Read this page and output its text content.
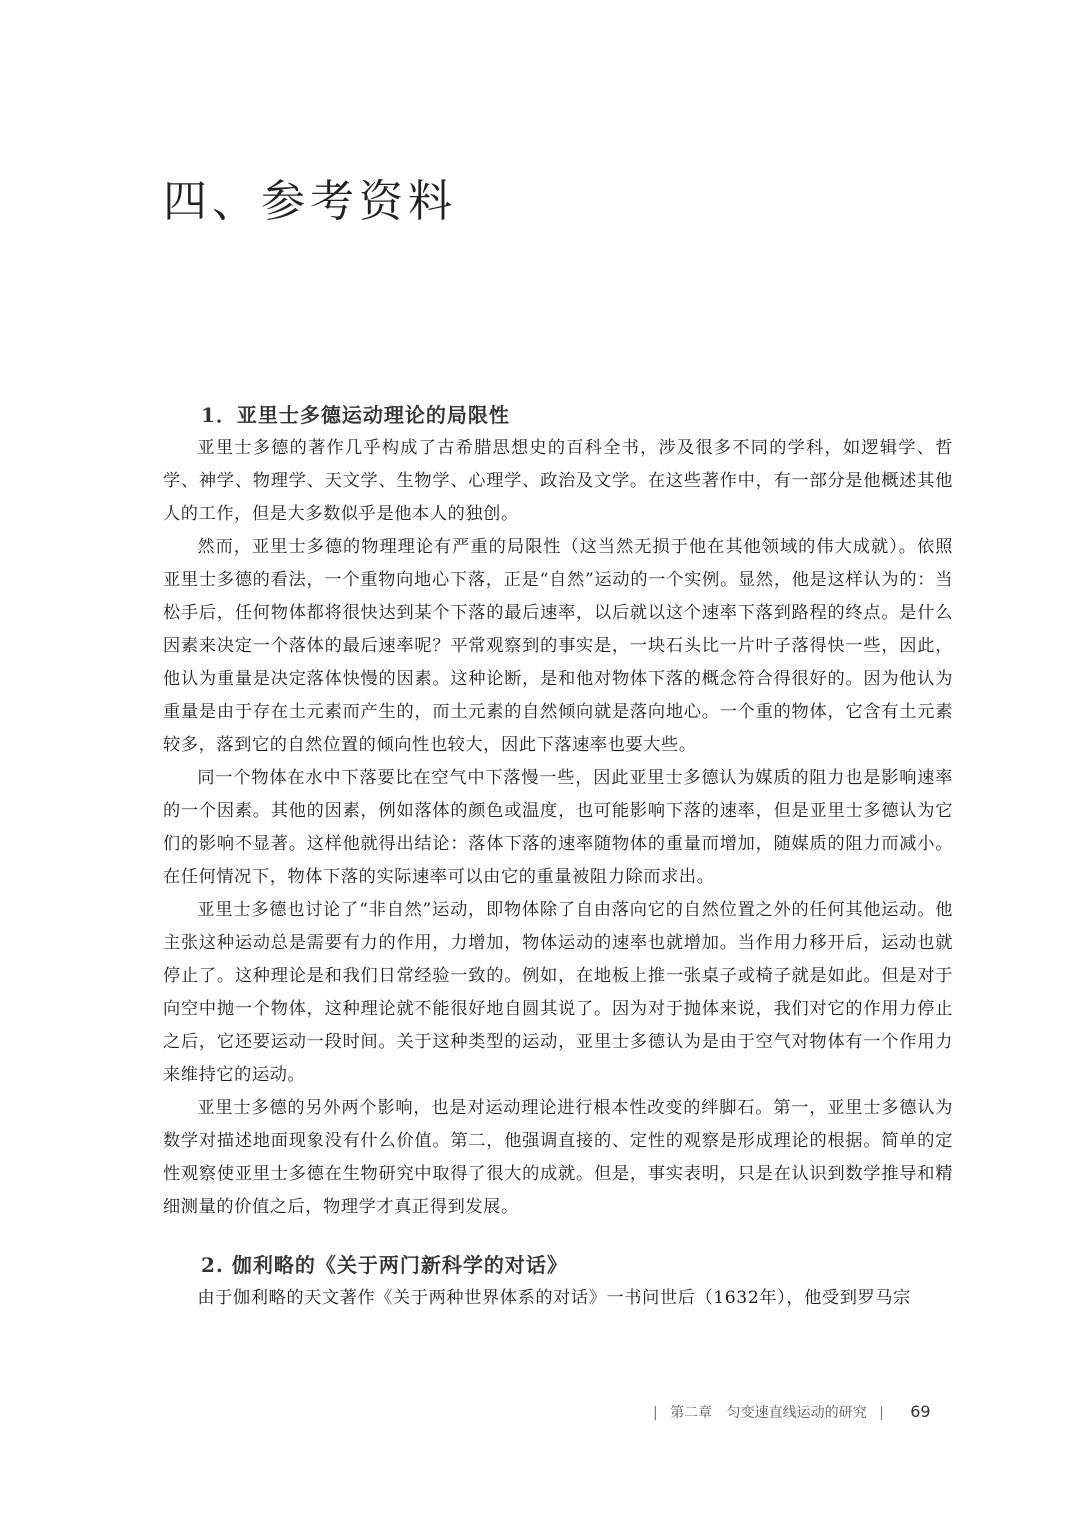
四、参考资料
1．亚里士多德运动理论的局限性

亚里士多德的著作几乎构成了古希腊思想史的百科全书，涉及很多不同的学科，如逻辑学、哲学、神学、物理学、天文学、生物学、心理学、政治及文学。在这些著作中，有一部分是他概述其他人的工作，但是大多数似乎是他本人的独创。

然而，亚里士多德的物理理论有严重的局限性（这当然无损于他在其他领域的伟大成就）。依照亚里士多德的看法，一个重物向地心下落，正是“自然”运动的一个实例。显然，他是这样认为的：当松手后，任何物体都将很快达到某个下落的最后速率，以后就以这个速率下落到路程的终点。是什么因素来决定一个落体的最后速率呢？平常观察到的事实是，一块石头比一片叶子落得快一些，因此，他认为重量是决定落体快慢的因素。这种论断，是和他对物体下落的概念符合得很好的。因为他认为重量是由于存在土元素而产生的，而土元素的自然倾向就是落向地心。一个重的物体，它含有土元素较多，落到它的自然位置的倾向性也较大，因此下落速率也要大些。

同一个物体在水中下落要比在空气中下落慢一些，因此亚里士多德认为媒质的阻力也是影响速率的一个因素。其他的因素，例如落体的颜色或温度，也可能影响下落的速率，但是亚里士多德认为它们的影响不显著。这样他就得出结论：落体下落的速率随物体的重量而增加，随媒质的阻力而减小。在任何情况下，物体下落的实际速率可以由它的重量被阻力除而求出。

亚里士多德也讨论了“非自然”运动，即物体除了自由落向它的自然位置之外的任何其他运动。他主张这种运动总是需要有力的作用，力增加，物体运动的速率也就增加。当作用力移开后，运动也就停止了。这种理论是和我们日常经验一致的。例如，在地板上推一张桌子或椅子就是如此。但是对于向空中抛一个物体，这种理论就不能很好地自圆其说了。因为对于抛体来说，我们对它的作用力停止之后，它还要运动一段时间。关于这种类型的运动，亚里士多德认为是由于空气对物体有一个作用力来维持它的运动。

亚里士多德的另外两个影响，也是对运动理论进行根本性改变的绊脚石。第一，亚里士多德认为数学对描述地面现象没有什么价值。第二，他强调直接的、定性的观察是形成理论的根据。简单的定性观察使亚里士多德在生物研究中取得了很大的成就。但是，事实表明，只是在认识到数学推导和精细测量的价值之后，物理学才真正得到发展。

2. 伽利略的《关于两门新科学的对话》

由于伽利略的天文著作《关于两种世界体系的对话》一书问世后（1632年），他受到罗马宗

| 第二章 匀变速直线运动的研究 | 69
